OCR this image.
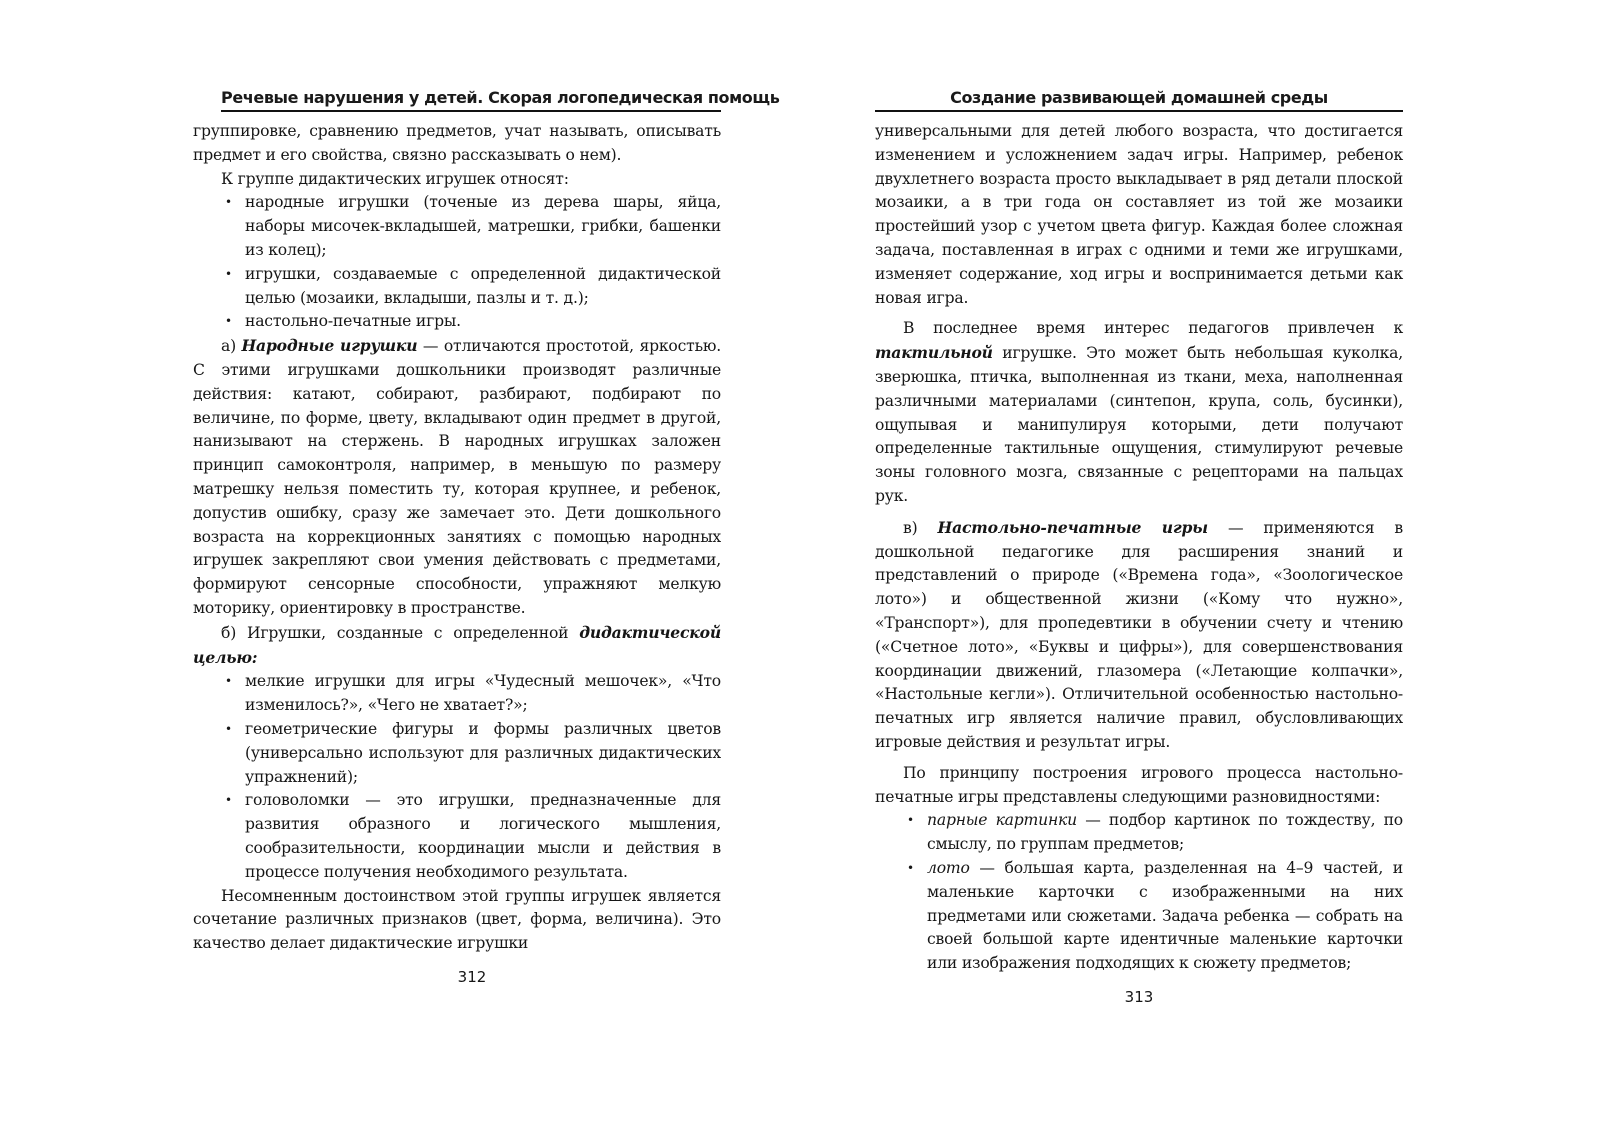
Речевые нарушения у детей. Скорая логопедическая помощь

группировке, сравнению предметов, учат называть, описывать предмет и его свойства, связно рассказывать о нем).

К группе дидактических игрушек относят:

• народные игрушки (точеные из дерева шары, яйца, наборы мисочек-вкладышей, матрешки, грибки, башенки из колец);
• игрушки, создаваемые с определенной дидактической целью (мозаики, вкладыши, пазлы и т. д.);
• настольно-печатные игры.

а) Народные игрушки — отличаются простотой, яркостью. С этими игрушками дошкольники производят различные действия: катают, собирают, разбирают, подбирают по величине, по форме, цвету, вкладывают один предмет в другой, нанизывают на стержень. В народных игрушках заложен принцип самоконтроля, например, в меньшую по размеру матрешку нельзя поместить ту, которая крупнее, и ребенок, допустив ошибку, сразу же замечает это. Дети дошкольного возраста на коррекционных занятиях с помощью народных игрушек закрепляют свои умения действовать с предметами, формируют сенсорные способности, упражняют мелкую моторику, ориентировку в пространстве.

б) Игрушки, созданные с определенной дидактической целью:

• мелкие игрушки для игры «Чудесный мешочек», «Что изменилось?», «Чего не хватает?»;
• геометрические фигуры и формы различных цветов (универсально используют для различных дидактических упражнений);
• головоломки — это игрушки, предназначенные для развития образного и логического мышления, сообразительности, координации мысли и действия в процессе получения необходимого результата.

Несомненным достоинством этой группы игрушек является сочетание различных признаков (цвет, форма, величина). Это качество делает дидактические игрушки

312
Создание развивающей домашней среды

универсальными для детей любого возраста, что достигается изменением и усложнением задач игры. Например, ребенок двухлетнего возраста просто выкладывает в ряд детали плоской мозаики, а в три года он составляет из той же мозаики простейший узор с учетом цвета фигур. Каждая более сложная задача, поставленная в играх с одними и теми же игрушками, изменяет содержание, ход игры и воспринимается детьми как новая игра.

В последнее время интерес педагогов привлечен к тактильной игрушке. Это может быть небольшая куколка, зверюшка, птичка, выполненная из ткани, меха, наполненная различными материалами (синтепон, крупа, соль, бусинки), ощупывая и манипулируя которыми, дети получают определенные тактильные ощущения, стимулируют речевые зоны головного мозга, связанные с рецепторами на пальцах рук.

в) Настольно-печатные игры — применяются в дошкольной педагогике для расширения знаний и представлений о природе («Времена года», «Зоологическое лото») и общественной жизни («Кому что нужно», «Транспорт»), для пропедевтики в обучении счету и чтению («Счетное лото», «Буквы и цифры»), для совершенствования координации движений, глазомера («Летающие колпачки», «Настольные кегли»). Отличительной особенностью настольно-печатных игр является наличие правил, обусловливающих игровые действия и результат игры.

По принципу построения игрового процесса настольно-печатные игры представлены следующими разновидностями:

• парные картинки — подбор картинок по тождеству, по смыслу, по группам предметов;
• лото — большая карта, разделенная на 4–9 частей, и маленькие карточки с изображенными на них предметами или сюжетами. Задача ребенка — собрать на своей большой карте идентичные маленькие карточки или изображения подходящих к сюжету предметов;
313
